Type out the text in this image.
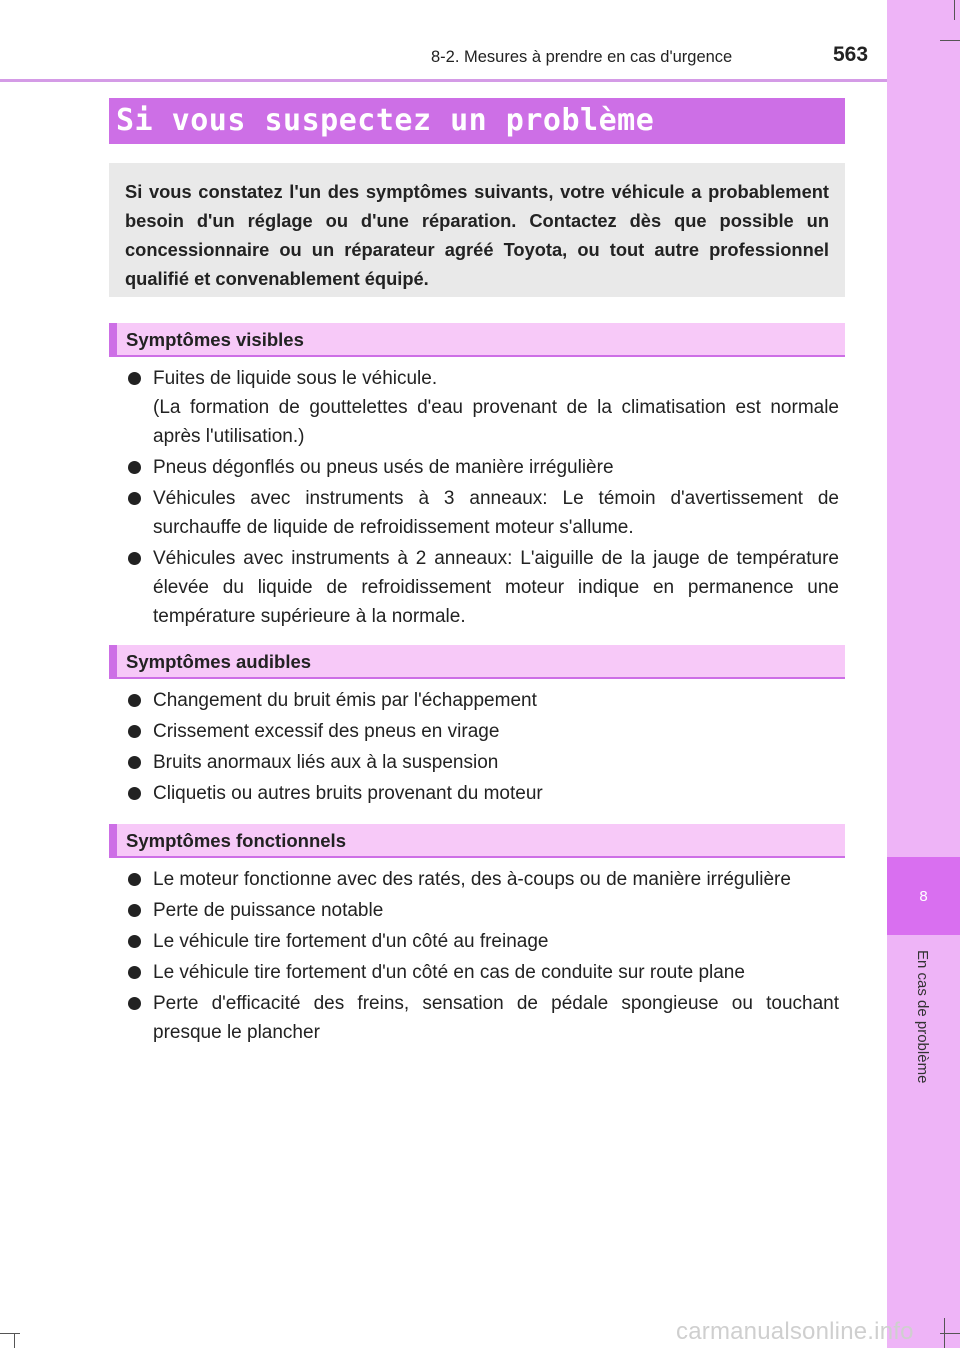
8
En cas de problème
8-2. Mesures à prendre en cas d'urgence	563
Si vous suspectez un problème
Si vous constatez l'un des symptômes suivants, votre véhicule a probablement besoin d'un réglage ou d'une réparation. Contactez dès que possible un concessionnaire ou un réparateur agréé Toyota, ou tout autre professionnel qualifié et convenablement équipé.
Symptômes visibles
Fuites de liquide sous le véhicule.
(La formation de gouttelettes d'eau provenant de la climatisation est normale après l'utilisation.)
Pneus dégonflés ou pneus usés de manière irrégulière
Véhicules avec instruments à 3 anneaux: Le témoin d'avertissement de surchauffe de liquide de refroidissement moteur s'allume.
Véhicules avec instruments à 2 anneaux: L'aiguille de la jauge de température élevée du liquide de refroidissement moteur indique en permanence une température supérieure à la normale.
Symptômes audibles
Changement du bruit émis par l'échappement
Crissement excessif des pneus en virage
Bruits anormaux liés aux à la suspension
Cliquetis ou autres bruits provenant du moteur
Symptômes fonctionnels
Le moteur fonctionne avec des ratés, des à-coups ou de manière irrégulière
Perte de puissance notable
Le véhicule tire fortement d'un côté au freinage
Le véhicule tire fortement d'un côté en cas de conduite sur route plane
Perte d'efficacité des freins, sensation de pédale spongieuse ou touchant presque le plancher
carmanualsonline.info
